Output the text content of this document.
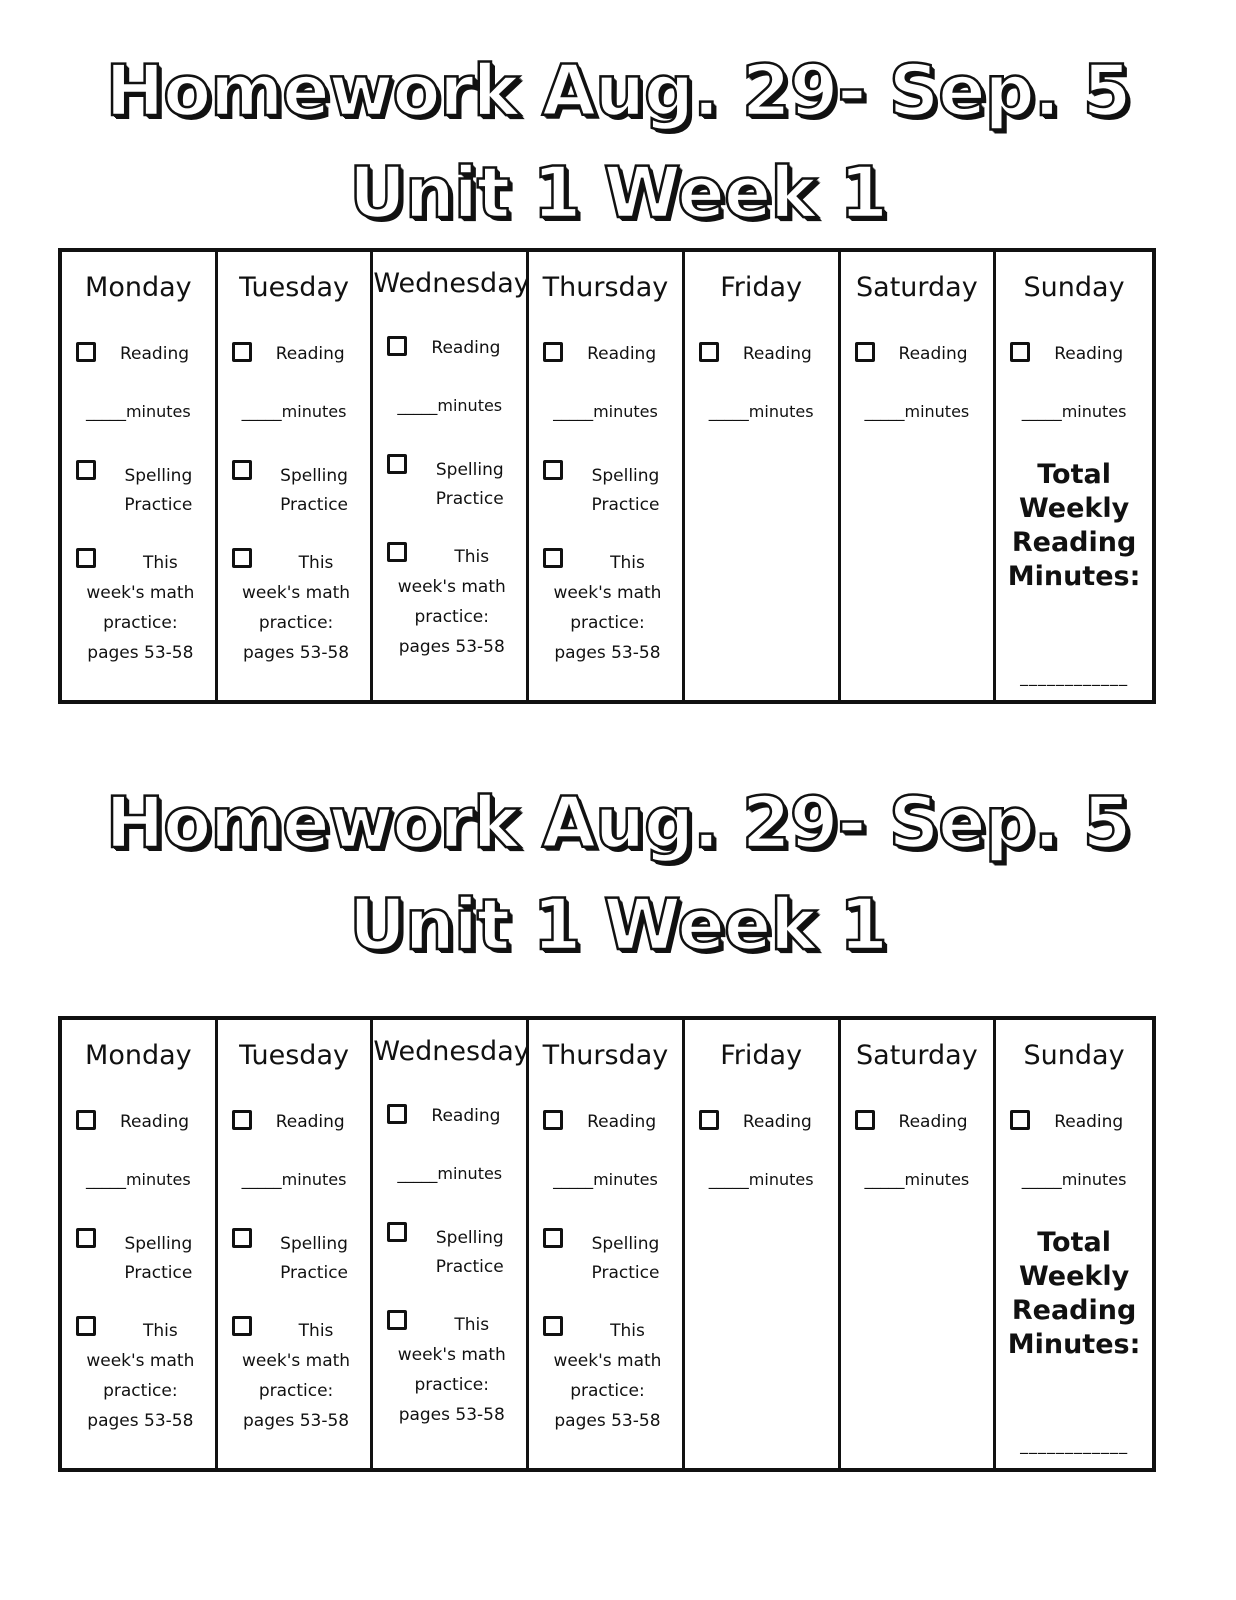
Homework Aug. 29- Sep. 5
Unit 1 Week 1
Monday
Reading
_____minutes
Spelling
Practice
This
week's math
practice:
pages 53-58
Tuesday
Reading
_____minutes
Spelling
Practice
This
week's math
practice:
pages 53-58
Wednesday
Reading
_____minutes
Spelling
Practice
This
week's math
practice:
pages 53-58
Thursday
Reading
_____minutes
Spelling
Practice
This
week's math
practice:
pages 53-58
Friday
Reading
_____minutes
Saturday
Reading
_____minutes
Sunday
Reading
_____minutes
Total
Weekly
Reading
Minutes:
____________
Homework Aug. 29- Sep. 5
Unit 1 Week 1
Monday
Reading
_____minutes
Spelling
Practice
This
week's math
practice:
pages 53-58
Tuesday
Reading
_____minutes
Spelling
Practice
This
week's math
practice:
pages 53-58
Wednesday
Reading
_____minutes
Spelling
Practice
This
week's math
practice:
pages 53-58
Thursday
Reading
_____minutes
Spelling
Practice
This
week's math
practice:
pages 53-58
Friday
Reading
_____minutes
Saturday
Reading
_____minutes
Sunday
Reading
_____minutes
Total
Weekly
Reading
Minutes:
____________
